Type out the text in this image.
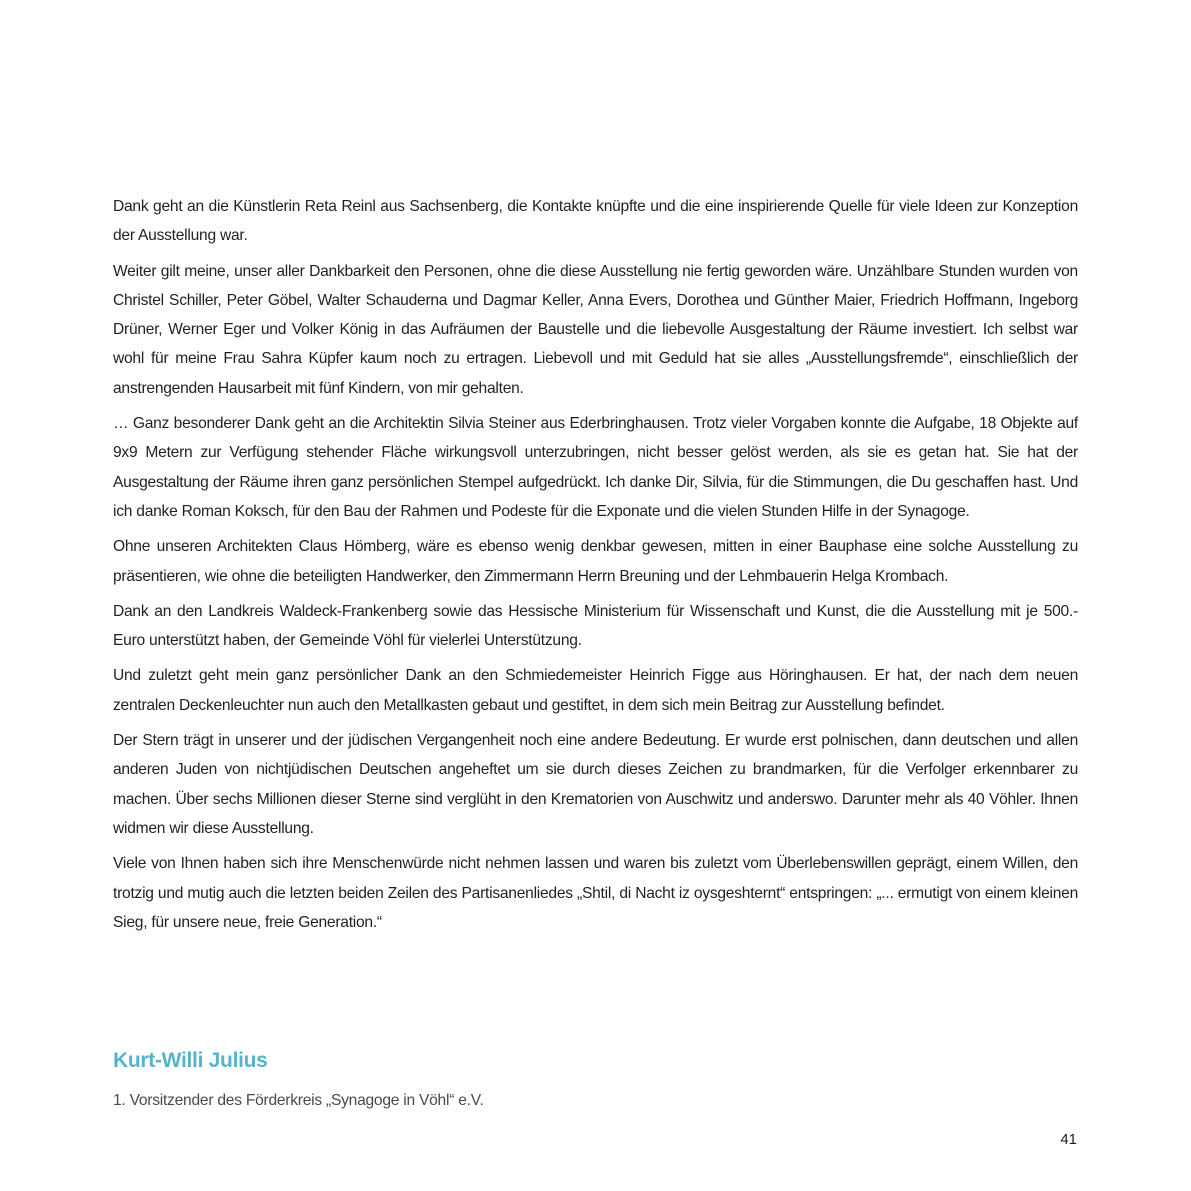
Dank geht an die Künstlerin Reta Reinl aus Sachsenberg, die Kontakte knüpfte und die eine inspirierende Quelle für viele Ideen zur Konzeption der Ausstellung war.

Weiter gilt meine, unser aller Dankbarkeit den Personen, ohne die diese Ausstellung nie fertig geworden wäre. Unzählbare Stunden wurden von Christel Schiller, Peter Göbel, Walter Schauderna und Dagmar Keller, Anna Evers, Dorothea und Günther Maier, Friedrich Hoffmann, Ingeborg Drüner, Werner Eger und Volker König in das Aufräumen der Baustelle und die liebevolle Ausgestaltung der Räume investiert. Ich selbst war wohl für meine Frau Sahra Küpfer kaum noch zu ertragen. Liebevoll und mit Geduld hat sie alles „Ausstellungsfremde“, einschließlich der anstrengenden Hausarbeit mit fünf Kindern, von mir gehalten.

… Ganz besonderer Dank geht an die Architektin Silvia Steiner aus Ederbringhausen. Trotz vieler Vorgaben konnte die Aufgabe, 18 Objekte auf 9x9 Metern zur Verfügung stehender Fläche wirkungsvoll unterzubringen, nicht besser gelöst werden, als sie es getan hat. Sie hat der Ausgestaltung der Räume ihren ganz persönlichen Stempel aufgedrückt. Ich danke Dir, Silvia, für die Stimmungen, die Du geschaffen hast. Und ich danke Roman Koksch, für den Bau der Rahmen und Podeste für die Exponate und die vielen Stunden Hilfe in der Synagoge.

Ohne unseren Architekten Claus Hömberg, wäre es ebenso wenig denkbar gewesen, mitten in einer Bauphase eine solche Ausstellung zu präsentieren, wie ohne die beteiligten Handwerker, den Zimmermann Herrn Breuning und der Lehmbauerin Helga Krombach.

Dank an den Landkreis Waldeck-Frankenberg sowie das Hessische Ministerium für Wissenschaft und Kunst, die die Ausstellung mit je 500.- Euro unterstützt haben, der Gemeinde Vöhl für vielerlei Unterstützung.

Und zuletzt geht mein ganz persönlicher Dank an den Schmiedemeister Heinrich Figge aus Höringhausen. Er hat, der nach dem neuen zentralen Deckenleuchter nun auch den Metallkasten gebaut und gestiftet, in dem sich mein Beitrag zur Ausstellung befindet.

Der Stern trägt in unserer und der jüdischen Vergangenheit noch eine andere Bedeutung. Er wurde erst polnischen, dann deutschen und allen anderen Juden von nichtjüdischen Deutschen angeheftet um sie durch dieses Zeichen zu brandmarken, für die Verfolger erkennbarer zu machen. Über sechs Millionen dieser Sterne sind verglüht in den Krematorien von Auschwitz und anderswo. Darunter mehr als 40 Vöhler. Ihnen widmen wir diese Ausstellung.

Viele von Ihnen haben sich ihre Menschenwürde nicht nehmen lassen und waren bis zuletzt vom Überlebenswillen geprägt, einem Willen, den trotzig und mutig auch die letzten beiden Zeilen des Partisanenliedes „Shtil, di Nacht iz oysgeshternt“ entspringen: „... ermutigt von einem kleinen Sieg, für unsere neue, freie Generation.“

Kurt-Willi Julius

1. Vorsitzender des Förderkreis „Synagoge in Vöhl“ e.V.

41
